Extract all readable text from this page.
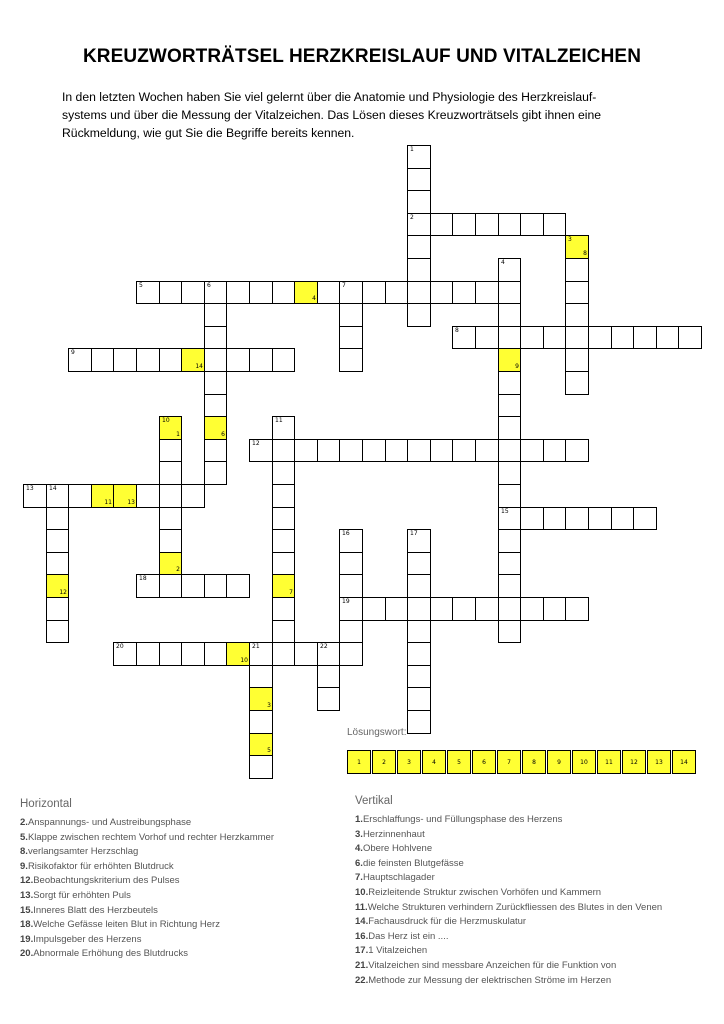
KREUZWORTRÄTSEL HERZKREISLAUF UND VITALZEICHEN
In den letzten Wochen haben Sie viel gelernt über die Anatomie und Physiologie des Herzkreislauf-
systems und über die Messung der Vitalzeichen. Das Lösen dieses Kreuzworträtsels gibt ihnen eine
Rückmeldung, wie gut Sie die Begriffe bereits kennen.
1
2
3
8
4
9
15
5	6
4
7
6
8
9
14
10
1
2
11
7
12
13	14
11	13
12
16
19
17
18
20
10
21
3
5
22
Lösungswort:
1	2	3	4	5	6	7	8	9	10	11	12	13	14
Horizontal
2.Anspannungs- und Austreibungsphase
5.Klappe zwischen rechtem Vorhof und rechter Herzkammer
8.verlangsamter Herzschlag
9.Risikofaktor für erhöhten Blutdruck
12.Beobachtungskriterium des Pulses
13.Sorgt für erhöhten Puls
15.Inneres Blatt des Herzbeutels
18.Welche Gefässe leiten Blut in Richtung Herz
19.Impulsgeber des Herzens
20.Abnormale Erhöhung des Blutdrucks
Vertikal
1.Erschlaffungs- und Füllungsphase des Herzens
3.Herzinnenhaut
4.Obere Hohlvene
6.die feinsten Blutgefässe
7.Hauptschlagader
10.Reizleitende Struktur zwischen Vorhöfen und Kammern
11.Welche Strukturen verhindern Zurückfliessen des Blutes in den Venen
14.Fachausdruck für die Herzmuskulatur
16.Das Herz ist ein ....
17.1 Vitalzeichen
21.Vitalzeichen sind messbare Anzeichen für die Funktion von
22.Methode zur Messung der elektrischen Ströme im Herzen
